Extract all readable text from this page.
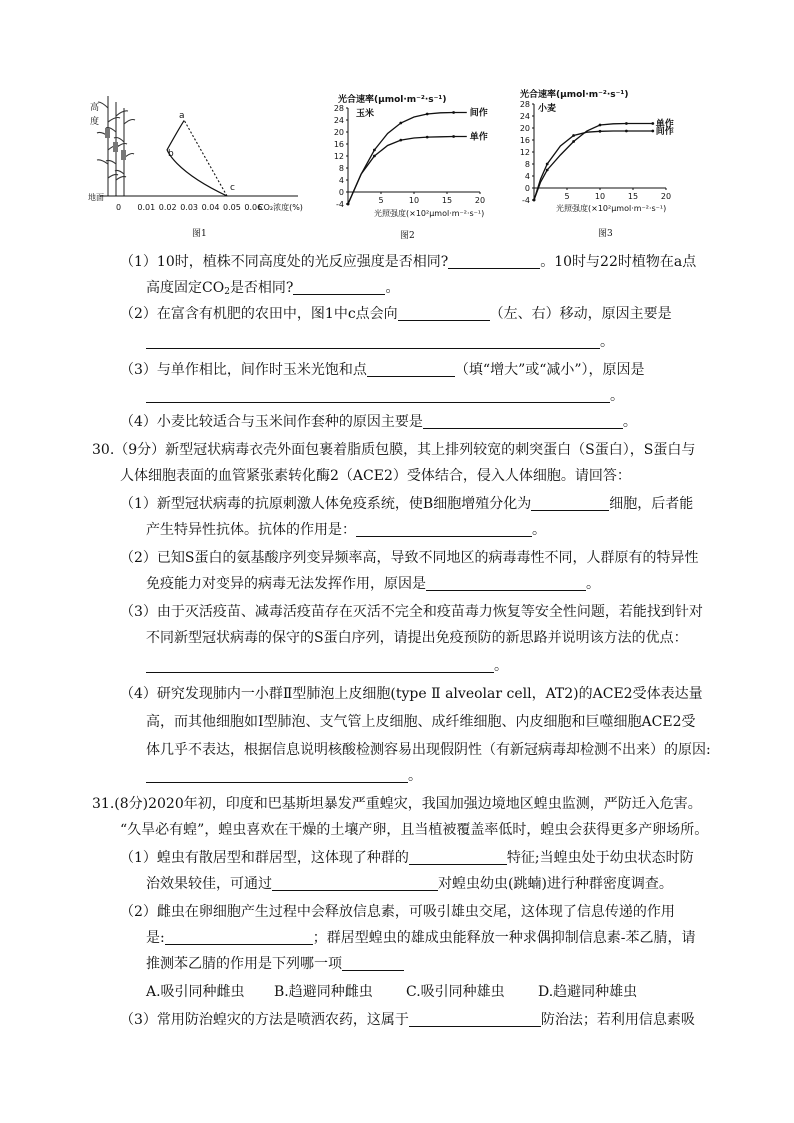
高
度
地面
0 0.01 0.02 0.03 0.04 0.05 0.06
a
b
c
CO₂浓度(%)
图1
光合速率(μmol·m⁻²·s⁻¹)
玉米
光照强度(×10²μmol·m⁻²·s⁻¹)
-4
0
4
8
12
16
20
24
28
5	10	15	20
间作
单作
图2
光合速率(μmol·m⁻²·s⁻¹)
小麦
光照强度(×10²μmol·m⁻²·s⁻¹)
-4
0
4
8
12
16
20
24
28
5	10	15	20
单作
间作
图3
（1）10时，植株不同高度处的光反应强度是否相同?	。10时与22时植物在a点
高度固定$CO_2$是否相同?	。
（2）在富含有机肥的农田中，图1中c点会向	（左、右）移动，原因主要是
。
（3）与单作相比，间作时玉米光饱和点	（填“增大”或“减小”），原因是
。
（4）小麦比较适合与玉米间作套种的原因主要是	。
30.（9分）新型冠状病毒衣壳外面包裹着脂质包膜，其上排列较宽的刺突蛋白（S蛋白），S蛋白与
人体细胞表面的血管紧张素转化酶2（ACE2）受体结合，侵入人体细胞。请回答：
（1）新型冠状病毒的抗原刺激人体免疫系统，使B细胞增殖分化为	细胞，后者能
产生特异性抗体。抗体的作用是：	。
（2）已知S蛋白的氨基酸序列变异频率高，导致不同地区的病毒毒性不同，人群原有的特异性
免疫能力对变异的病毒无法发挥作用，原因是	。
（3）由于灭活疫苗、减毒活疫苗存在灭活不完全和疫苗毒力恢复等安全性问题，若能找到针对
不同新型冠状病毒的保守的S蛋白序列，请提出免疫预防的新思路并说明该方法的优点：
。
（4）研究发现肺内一小群Ⅱ型肺泡上皮细胞(type Ⅱ alveolar cell，AT2)的ACE2受体表达量
高，而其他细胞如Ⅰ型肺泡、支气管上皮细胞、成纤维细胞、内皮细胞和巨噬细胞ACE2受
体几乎不表达，根据信息说明核酸检测容易出现假阴性（有新冠病毒却检测不出来）的原因:
。
31.(8分)2020年初，印度和巴基斯坦暴发严重蝗灾，我国加强边境地区蝗虫监测，严防迁入危害。
“久旱必有蝗”，蝗虫喜欢在干燥的土壤产卵，且当植被覆盖率低时，蝗虫会获得更多产卵场所。
（1）蝗虫有散居型和群居型，这体现了种群的	特征;当蝗虫处于幼虫状态时防
治效果较佳，可通过	对蝗虫幼虫(跳蝻)进行种群密度调查。
（2）雌虫在卵细胞产生过程中会释放信息素，可吸引雄虫交尾，这体现了信息传递的作用
是:	；群居型蝗虫的雄成虫能释放一种求偶抑制信息素-苯乙腈，请
推测苯乙腈的作用是下列哪一项
A.吸引同种雌虫 B.趋避同种雌虫 C.吸引同种雄虫 D.趋避同种雄虫
（3）常用防治蝗灾的方法是喷洒农药，这属于	防治法；若利用信息素吸
